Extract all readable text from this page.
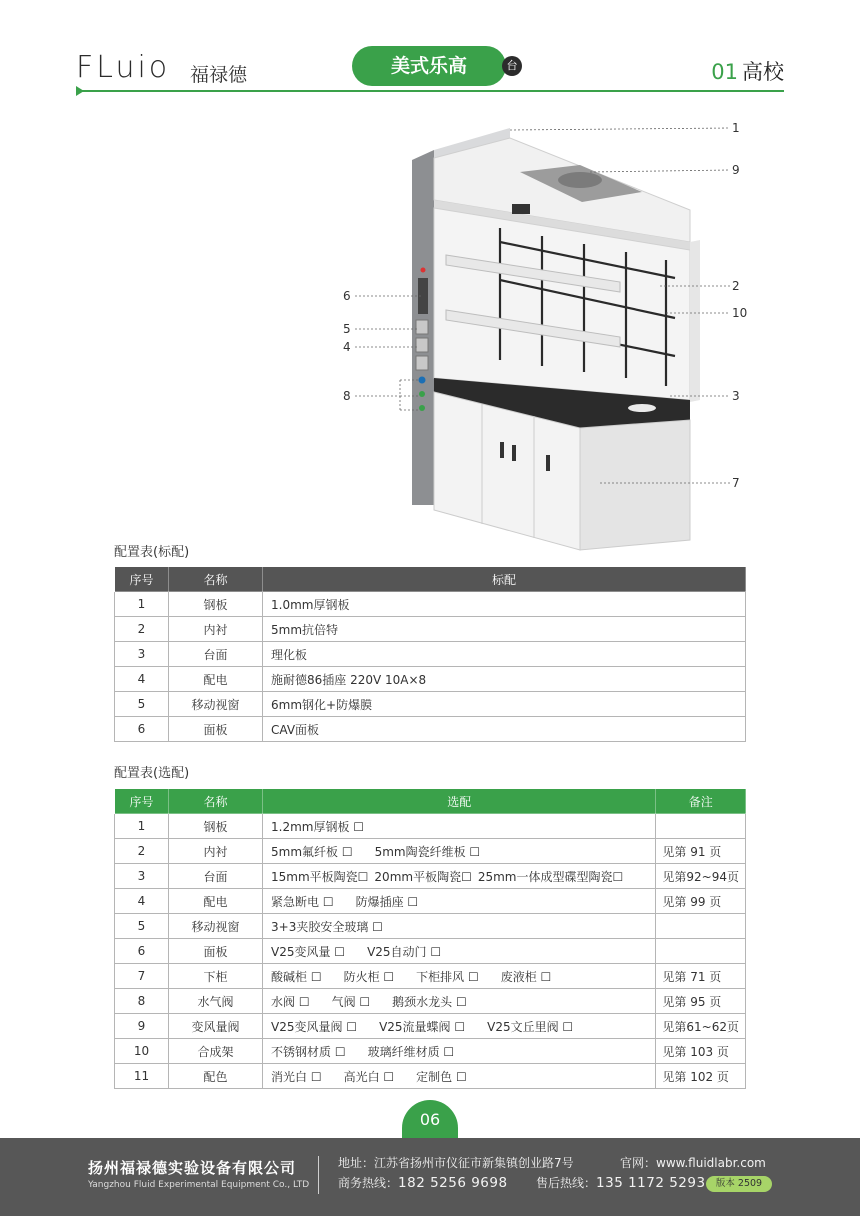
FLuio 福禄德	美式乐高	台	01 高校
1
9
6
2
10
5
4
8	3
7
配置表(标配)
序号	名称	标配
1	钢板	1.0mm厚钢板
2	内衬	5mm抗倍特
3	台面	理化板
4	配电	施耐德86插座 220V 10A×8
5	移动视窗	6mm钢化+防爆膜
6	面板	CAV面板
配置表(选配)
序号	名称	选配	备注
1	钢板	1.2mm厚钢板 ☐	
2	内衬	5mm氟纤板 ☐ 5mm陶瓷纤维板 ☐	见第 91 页
3	台面	15mm平板陶瓷☐ 20mm平板陶瓷☐ 25mm一体成型碟型陶瓷☐	见第92~94页
4	配电	紧急断电 ☐ 防爆插座 ☐	见第 99 页
5	移动视窗	3+3夹胶安全玻璃 ☐	
6	面板	V25变风量 ☐ V25自动门 ☐	
7	下柜	酸碱柜 ☐ 防火柜 ☐ 下柜排风 ☐ 废液柜 ☐	见第 71 页
8	水气阀	水阀 ☐ 气阀 ☐ 鹅颈水龙头 ☐	见第 95 页
9	变风量阀	V25变风量阀 ☐ V25流量蝶阀 ☐ V25文丘里阀 ☐	见第61~62页
10	合成架	不锈钢材质 ☐ 玻璃纤维材质 ☐	见第 103 页
11	配色	消光白 ☐ 高光白 ☐ 定制色 ☐	见第 102 页
06
扬州福禄德实验设备有限公司
Yangzhou Fluid Experimental Equipment Co., LTD
地址：江苏省扬州市仪征市新集镇创业路7号	官网：www.fluidlabr.com
商务热线：182 5256 9698 售后热线：135 1172 5293	版本 2509
